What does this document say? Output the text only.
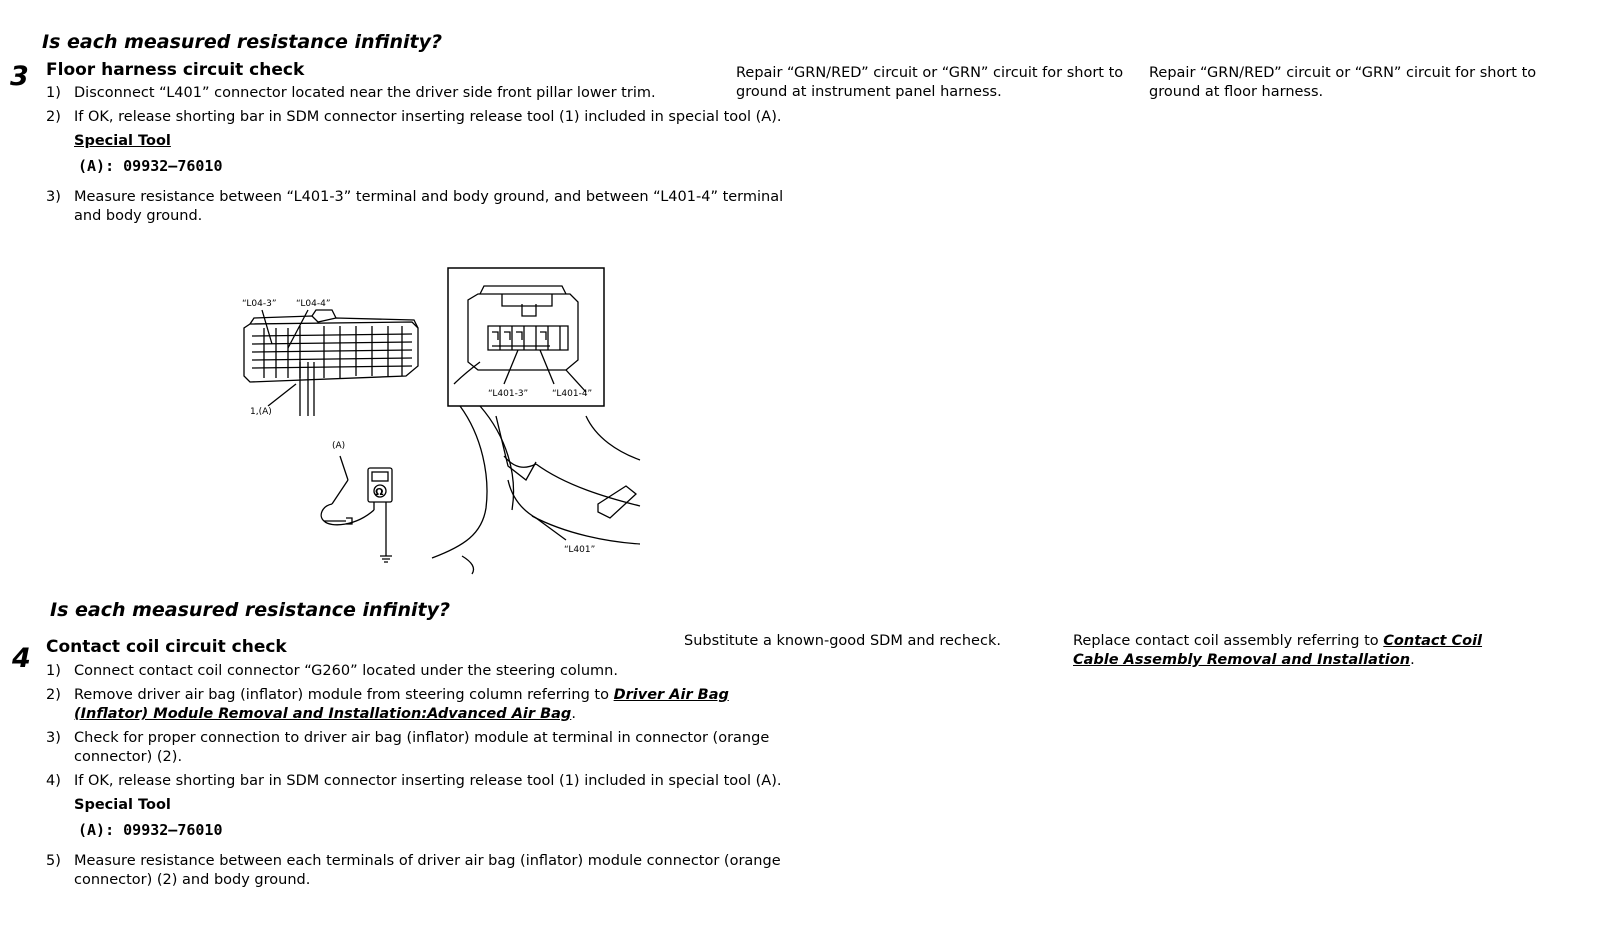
Is each measured resistance infinity?
3 Floor harness circuit check
1) Disconnect “L401” connector located near the driver side front pillar lower trim.
2) If OK, release shorting bar in SDM connector inserting release tool (1) included in special tool (A).
Special Tool
(A): 09932–76010
3) Measure resistance between “L401-3” terminal and body ground, and between “L401-4” terminal and body ground.
Repair “GRN/RED” circuit or “GRN” circuit for short to ground at instrument panel harness.
Repair “GRN/RED” circuit or “GRN” circuit for short to ground at floor harness.
“L04-3” “L04-4”
1,(A)
(A)
Ω
“L401-3”	“L401-4”
“L401”
Is each measured resistance infinity?
4 Contact coil circuit check
1) Connect contact coil connector “G260” located under the steering column.
2) Remove driver air bag (inflator) module from steering column referring to Driver Air Bag (Inflator) Module Removal and Installation:Advanced Air Bag.
3) Check for proper connection to driver air bag (inflator) module at terminal in connector (orange connector) (2).
4) If OK, release shorting bar in SDM connector inserting release tool (1) included in special tool (A).
Special Tool
(A): 09932–76010
5) Measure resistance between each terminals of driver air bag (inflator) module connector (orange connector) (2) and body ground.
Substitute a known-good SDM and recheck.	Replace contact coil assembly referring to Contact Coil Cable Assembly Removal and Installation.
